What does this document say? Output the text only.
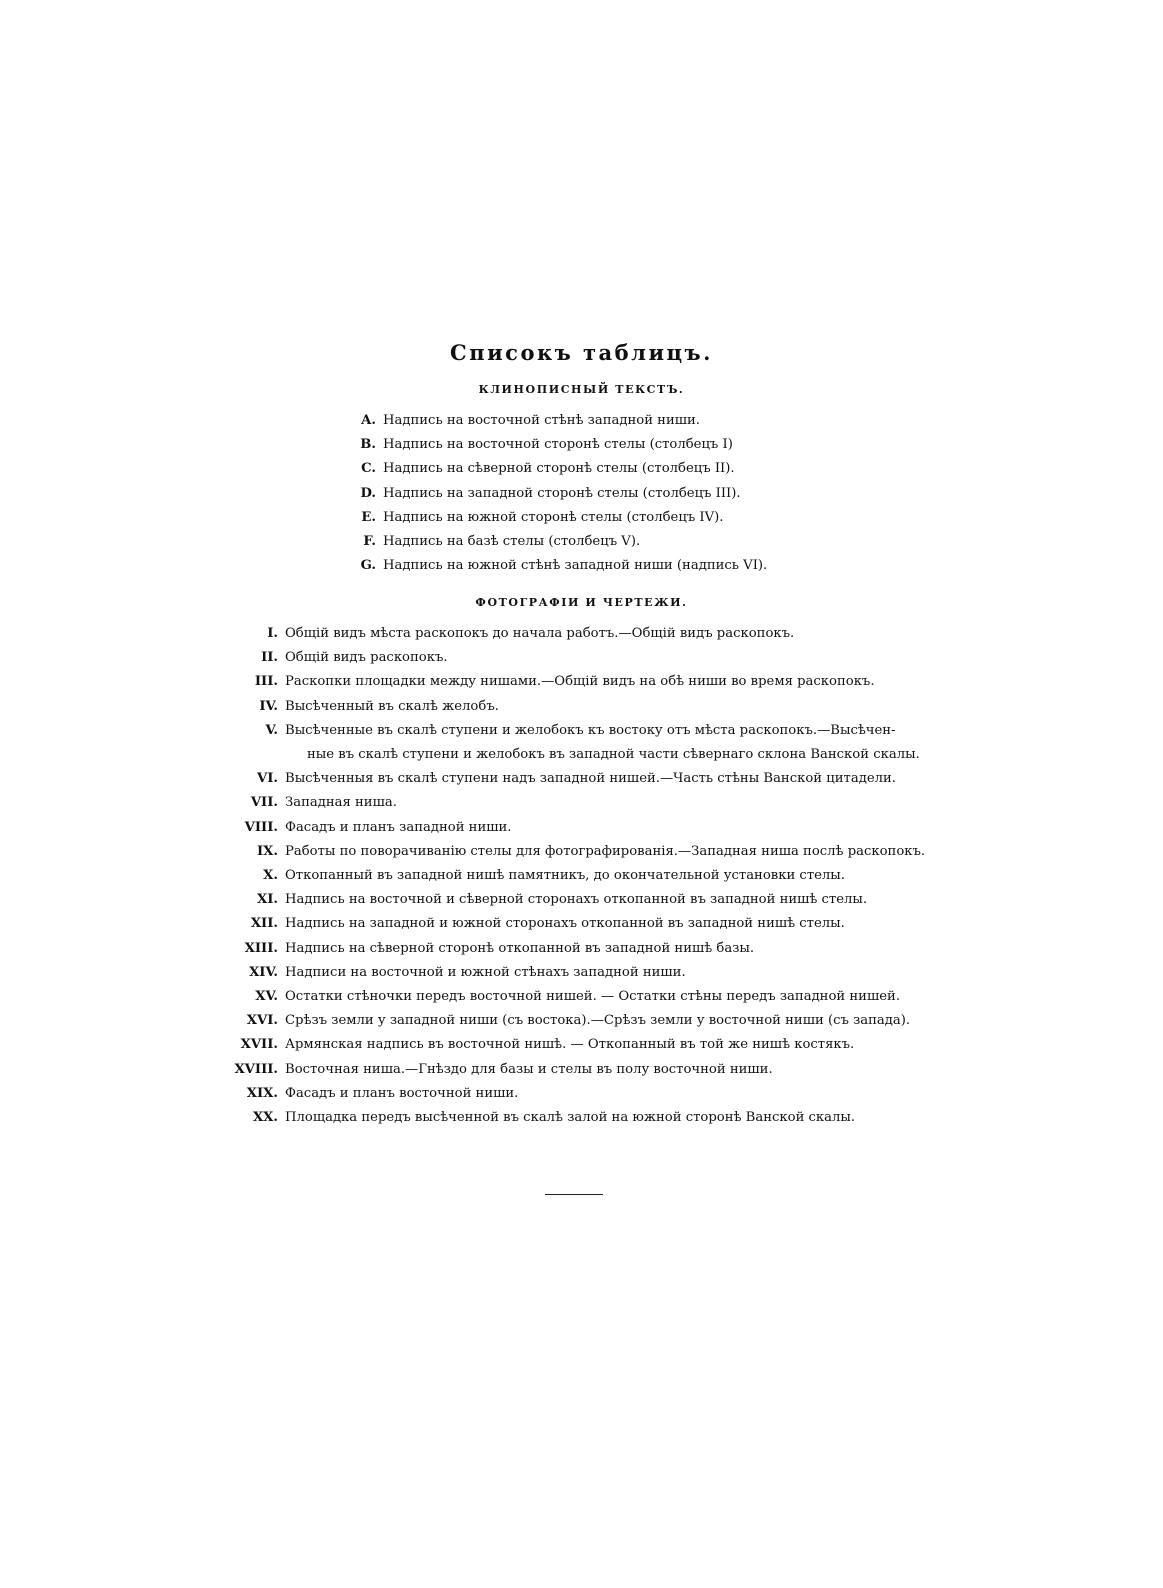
Списокъ таблицъ.
КЛИНОПИСНЫЙ ТЕКСТЪ.
A. Надпись на восточной стѣнѣ западной ниши.
B. Надпись на восточной сторонѣ стелы (столбецъ I)
C. Надпись на сѣверной сторонѣ стелы (столбецъ II).
D. Надпись на западной сторонѣ стелы (столбецъ III).
E. Надпись на южной сторонѣ стелы (столбецъ IV).
F. Надпись на базѣ стелы (столбецъ V).
G. Надпись на южной стѣнѣ западной ниши (надпись VI).
ФОТОГРАФІИ И ЧЕРТЕЖИ.
I. Общій видъ мѣста раскопокъ до начала работъ.—Общій видъ раскопокъ.
II. Общій видъ раскопокъ.
III. Раскопки площадки между нишами.—Общій видъ на обѣ ниши во время раскопокъ.
IV. Высѣченный въ скалѣ желобъ.
V. Высѣченные въ скалѣ ступени и желобокъ къ востоку отъ мѣста раскопокъ.—Высѣчен-
ные въ скалѣ ступени и желобокъ въ западной части сѣвернаго склона Ванской скалы.
VI. Высѣченныя въ скалѣ ступени надъ западной нишей.—Часть стѣны Ванской цитадели.
VII. Западная ниша.
VIII. Фасадъ и планъ западной ниши.
IX. Работы по поворачиванію стелы для фотографированія.—Западная ниша послѣ раскопокъ.
X. Откопанный въ западной нишѣ памятникъ, до окончательной установки стелы.
XI. Надпись на восточной и сѣверной сторонахъ откопанной въ западной нишѣ стелы.
XII. Надпись на западной и южной сторонахъ откопанной въ западной нишѣ стелы.
XIII. Надпись на сѣверной сторонѣ откопанной въ западной нишѣ базы.
XIV. Надписи на восточной и южной стѣнахъ западной ниши.
XV. Остатки стѣночки передъ восточной нишей. — Остатки стѣны передъ западной нишей.
XVI. Срѣзъ земли у западной ниши (съ востока).—Срѣзъ земли у восточной ниши (съ запада).
XVII. Армянская надпись въ восточной нишѣ. — Откопанный въ той же нишѣ костякъ.
XVIII. Восточная ниша.—Гнѣздо для базы и стелы въ полу восточной ниши.
XIX. Фасадъ и планъ восточной ниши.
XX. Площадка передъ высѣченной въ скалѣ залой на южной сторонѣ Ванской скалы.
